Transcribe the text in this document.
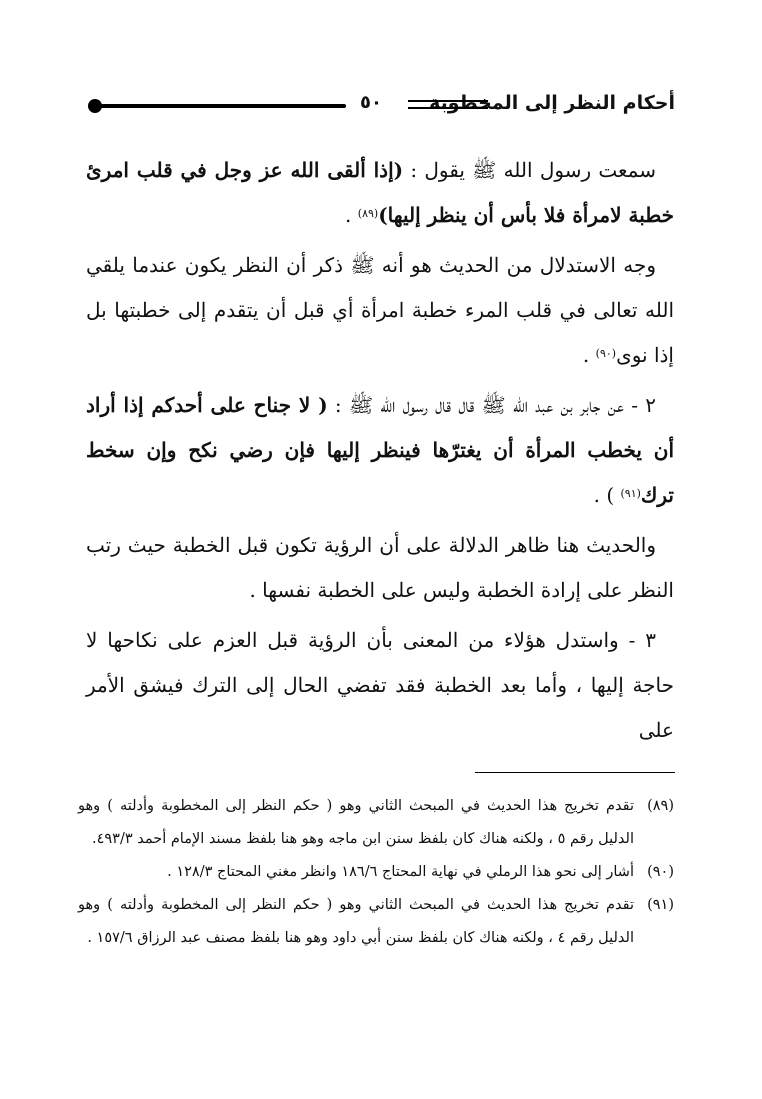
أحكام النظر إلى المخطوبة
٥٠

سمعت رسول الله ﷺ يقول : (إذا ألقى الله عز وجل في قلب امرئ خطبة لامرأة فلا بأس أن ينظر إليها)$^{(٨٩)}$ .

وجه الاستدلال من الحديث هو أنه ﷺ ذكر أن النظر يكون عندما يلقي الله تعالى في قلب المرء خطبة امرأة أي قبل أن يتقدم إلى خطبتها بل إذا نوى$^{(٩٠)}$ .

٢ - عن جابر بن عبد الله ﷺ قال قال رسول الله ﷺ : ( لا جناح على أحدكم إذا أراد أن يخطب المرأة أن يغترّها فينظر إليها فإن رضي نكح وإن سخط ترك$^{(٩١)}$ ) .

والحديث هنا ظاهر الدلالة على أن الرؤية تكون قبل الخطبة حيث رتب النظر على إرادة الخطبة وليس على الخطبة نفسها .

٣ - واستدل هؤلاء من المعنى بأن الرؤية قبل العزم على نكاحها لا حاجة إليها ، وأما بعد الخطبة فقد تفضي الحال إلى الترك فيشق الأمر على

(٨٩)
تقدم تخريج هذا الحديث في المبحث الثاني وهو ( حكم النظر إلى المخطوبة وأدلته ) وهو الدليل رقم ٥ ، ولكنه هناك كان بلفظ سنن ابن ماجه وهو هنا بلفظ مسند الإمام أحمد ٤٩٣/٣.
(٩٠)
أشار إلى نحو هذا الرملي في نهاية المحتاج ١٨٦/٦ وانظر مغني المحتاج ١٢٨/٣ .
(٩١)
تقدم تخريج هذا الحديث في المبحث الثاني وهو ( حكم النظر إلى المخطوبة وأدلته ) وهو الدليل رقم ٤ ، ولكنه هناك كان بلفظ سنن أبي داود وهو هنا بلفظ مصنف عبد الرزاق ١٥٧/٦ .
